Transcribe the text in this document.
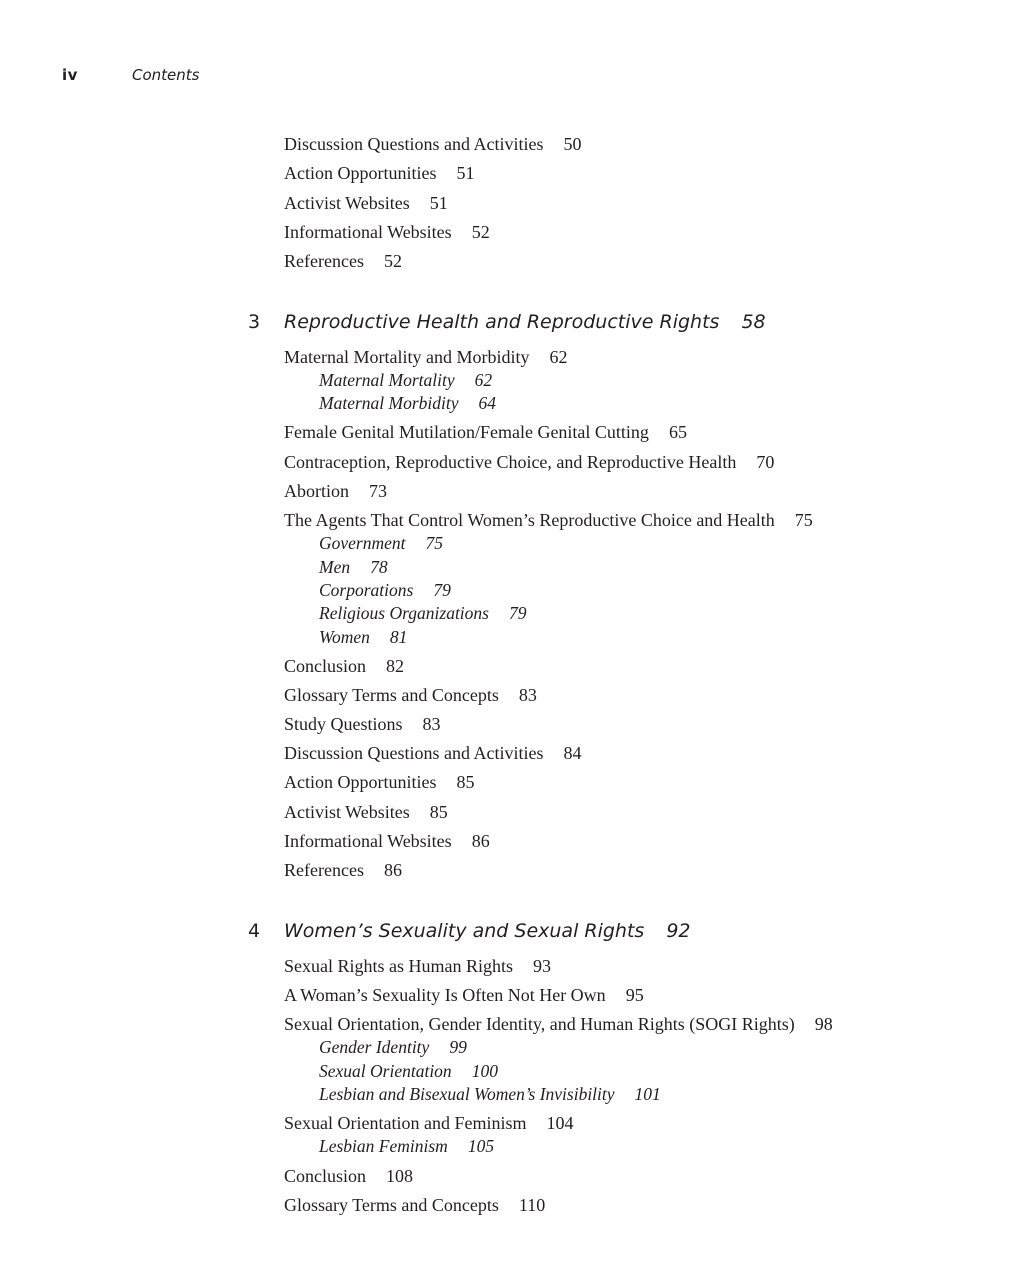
iv	Contents
Discussion Questions and Activities 50
Action Opportunities 51
Activist Websites 51
Informational Websites 52
References 52
3 Reproductive Health and Reproductive Rights 58
Maternal Mortality and Morbidity 62
Maternal Mortality 62
Maternal Morbidity 64
Female Genital Mutilation/Female Genital Cutting 65
Contraception, Reproductive Choice, and Reproductive Health 70
Abortion 73
The Agents That Control Women’s Reproductive Choice and Health 75
Government 75
Men 78
Corporations 79
Religious Organizations 79
Women 81
Conclusion 82
Glossary Terms and Concepts 83
Study Questions 83
Discussion Questions and Activities 84
Action Opportunities 85
Activist Websites 85
Informational Websites 86
References 86
4 Women’s Sexuality and Sexual Rights 92
Sexual Rights as Human Rights 93
A Woman’s Sexuality Is Often Not Her Own 95
Sexual Orientation, Gender Identity, and Human Rights (SOGI Rights) 98
Gender Identity 99
Sexual Orientation 100
Lesbian and Bisexual Women’s Invisibility 101
Sexual Orientation and Feminism 104
Lesbian Feminism 105
Conclusion 108
Glossary Terms and Concepts 110
